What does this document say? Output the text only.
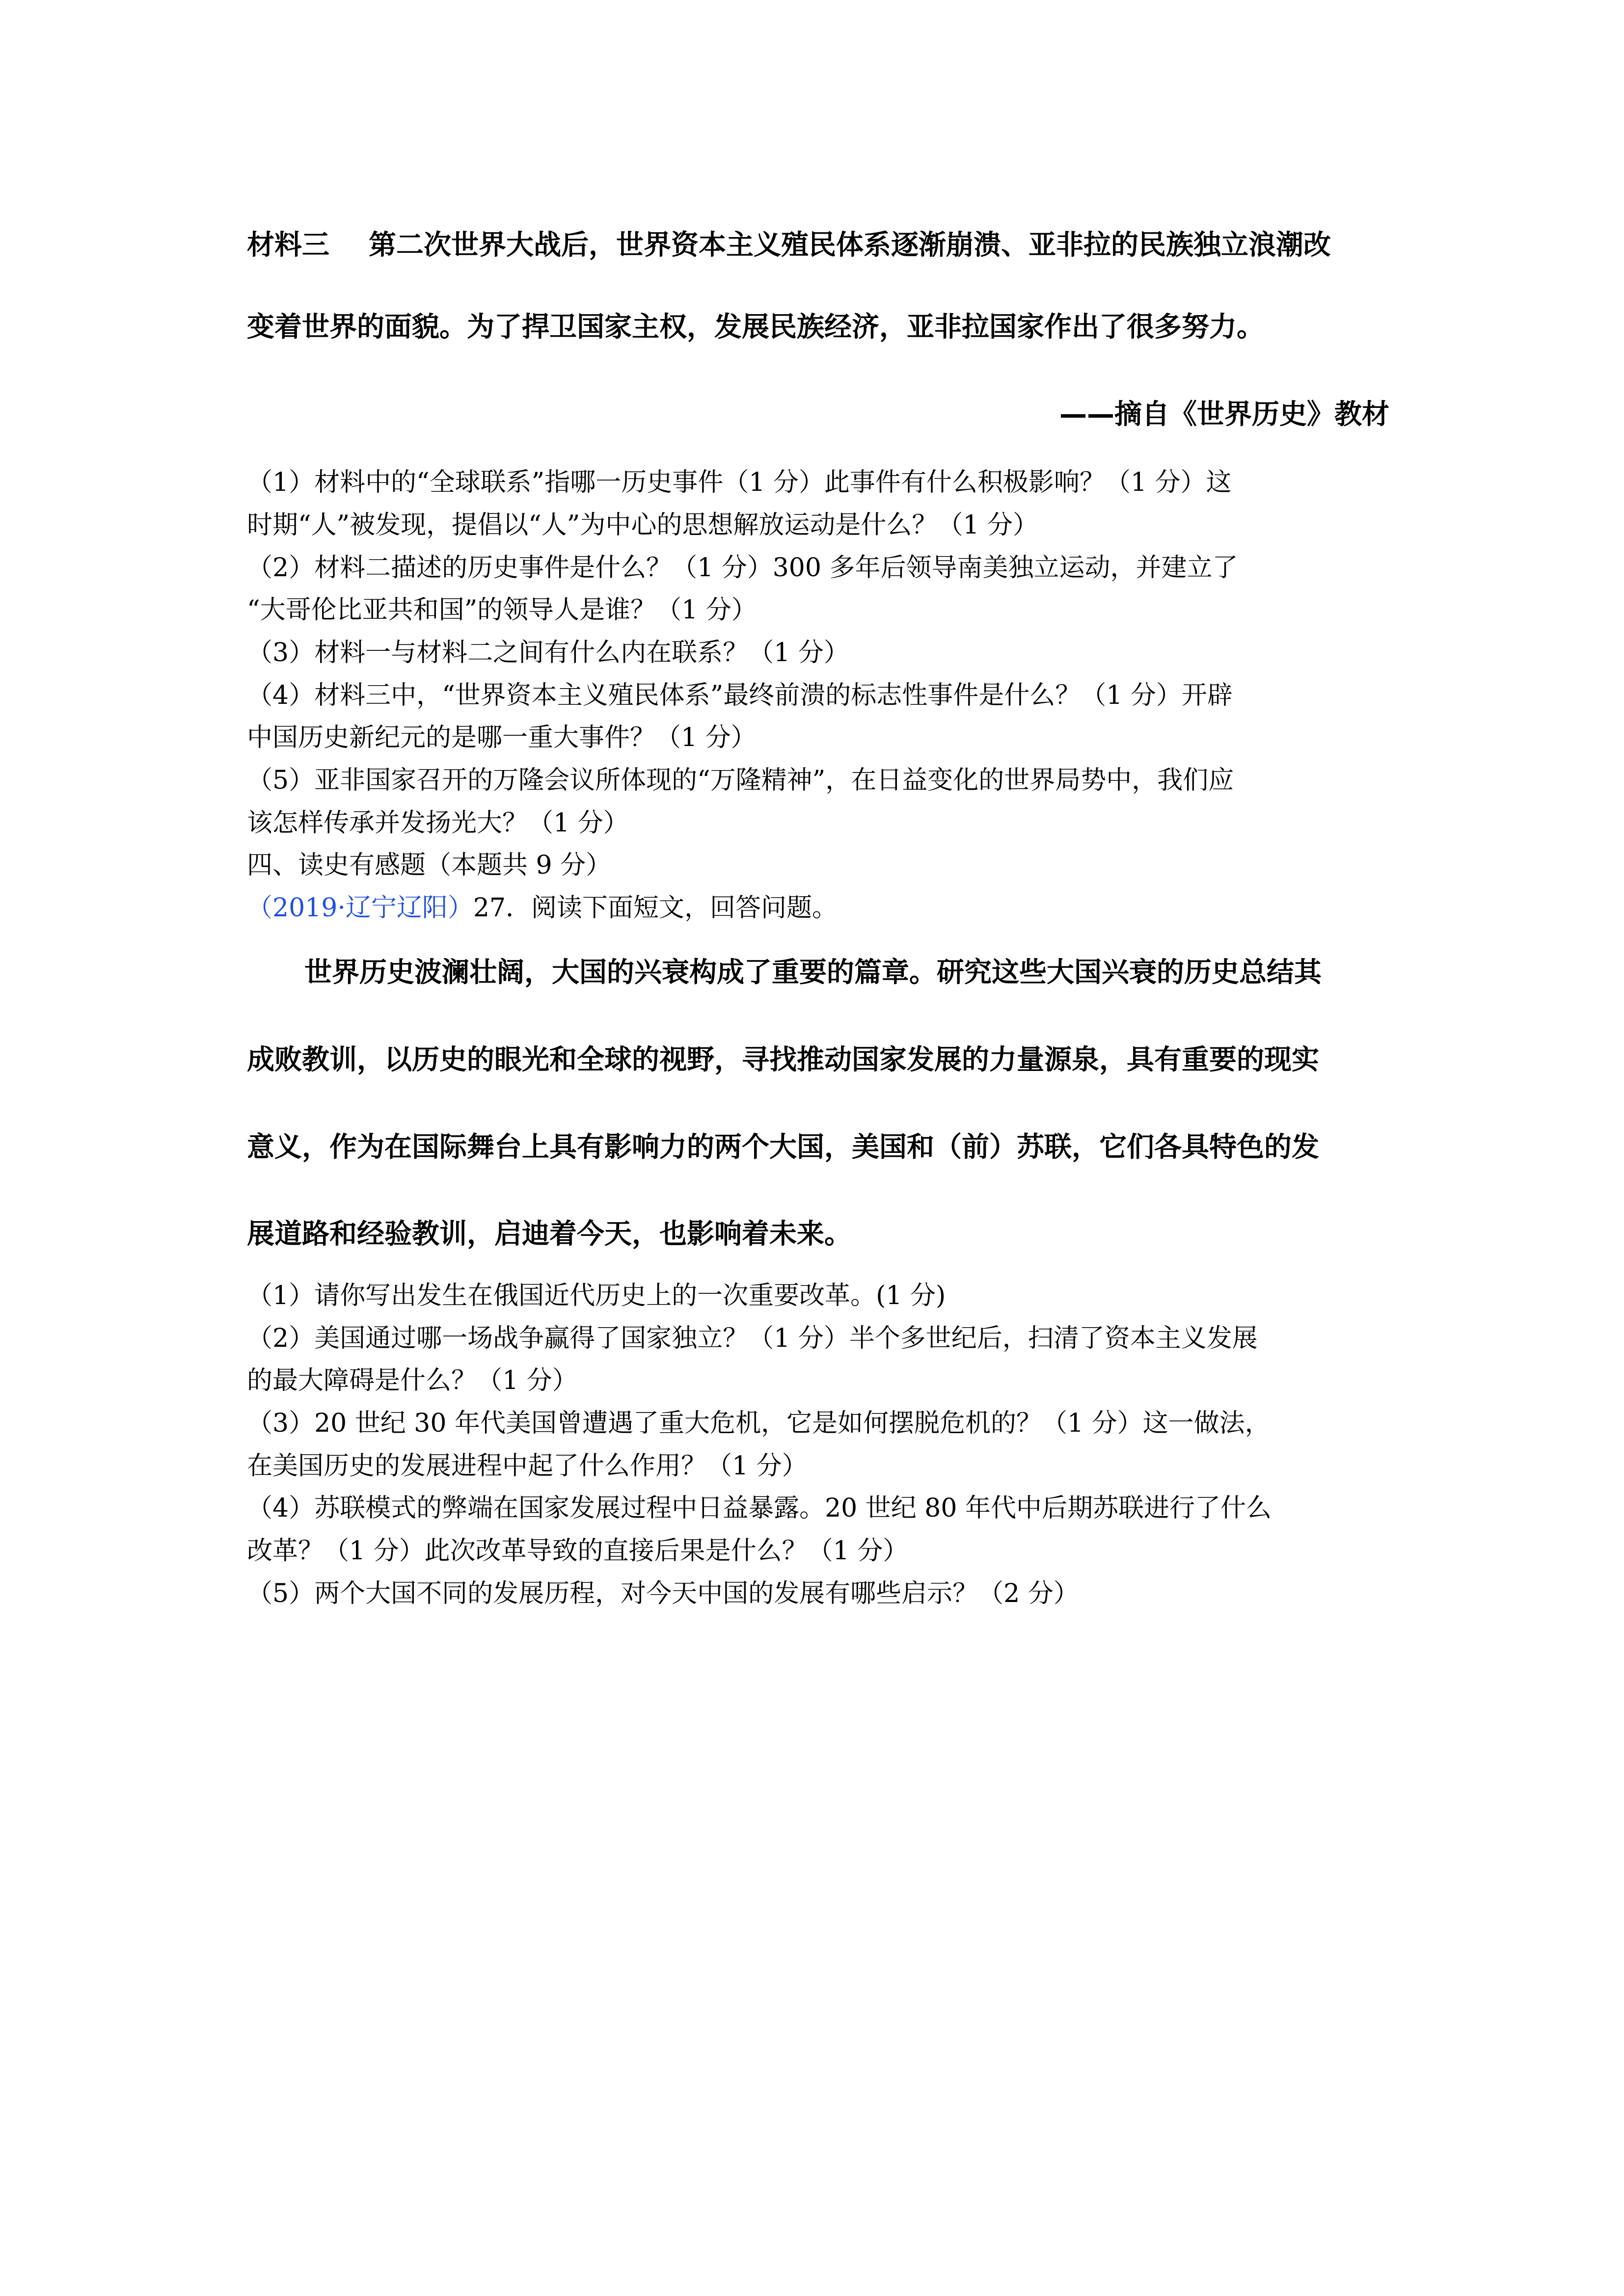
材料三 第二次世界大战后，世界资本主义殖民体系逐渐崩溃、亚非拉的民族独立浪潮改
变着世界的面貌。为了捍卫国家主权，发展民族经济，亚非拉国家作出了很多努力。
——摘自《世界历史》教材
（1）材料中的“全球联系”指哪一历史事件（1 分）此事件有什么积极影响？（1 分）这
时期“人”被发现，提倡以“人”为中心的思想解放运动是什么？（1 分）
（2）材料二描述的历史事件是什么？（1 分）300 多年后领导南美独立运动，并建立了
“大哥伦比亚共和国”的领导人是谁？（1 分）
（3）材料一与材料二之间有什么内在联系？（1 分）
（4）材料三中，“世界资本主义殖民体系”最终前溃的标志性事件是什么？（1 分）开辟
中国历史新纪元的是哪一重大事件？（1 分）
（5）亚非国家召开的万隆会议所体现的“万隆精神”，在日益变化的世界局势中，我们应
该怎样传承并发扬光大？（1 分）
四、读史有感题（本题共 9 分）
（2019·辽宁辽阳）27．阅读下面短文，回答问题。
世界历史波澜壮阔，大国的兴衰构成了重要的篇章。研究这些大国兴衰的历史总结其
成败教训，以历史的眼光和全球的视野，寻找推动国家发展的力量源泉，具有重要的现实
意义，作为在国际舞台上具有影响力的两个大国，美国和（前）苏联，它们各具特色的发
展道路和经验教训，启迪着今天，也影响着未来。
（1）请你写出发生在俄国近代历史上的一次重要改革。(1 分)
（2）美国通过哪一场战争赢得了国家独立？（1 分）半个多世纪后，扫清了资本主义发展
的最大障碍是什么？（1 分）
（3）20 世纪 30 年代美国曾遭遇了重大危机，它是如何摆脱危机的？（1 分）这一做法，
在美国历史的发展进程中起了什么作用？（1 分）
（4）苏联模式的弊端在国家发展过程中日益暴露。20 世纪 80 年代中后期苏联进行了什么
改革？（1 分）此次改革导致的直接后果是什么？（1 分）
（5）两个大国不同的发展历程，对今天中国的发展有哪些启示？（2 分）
